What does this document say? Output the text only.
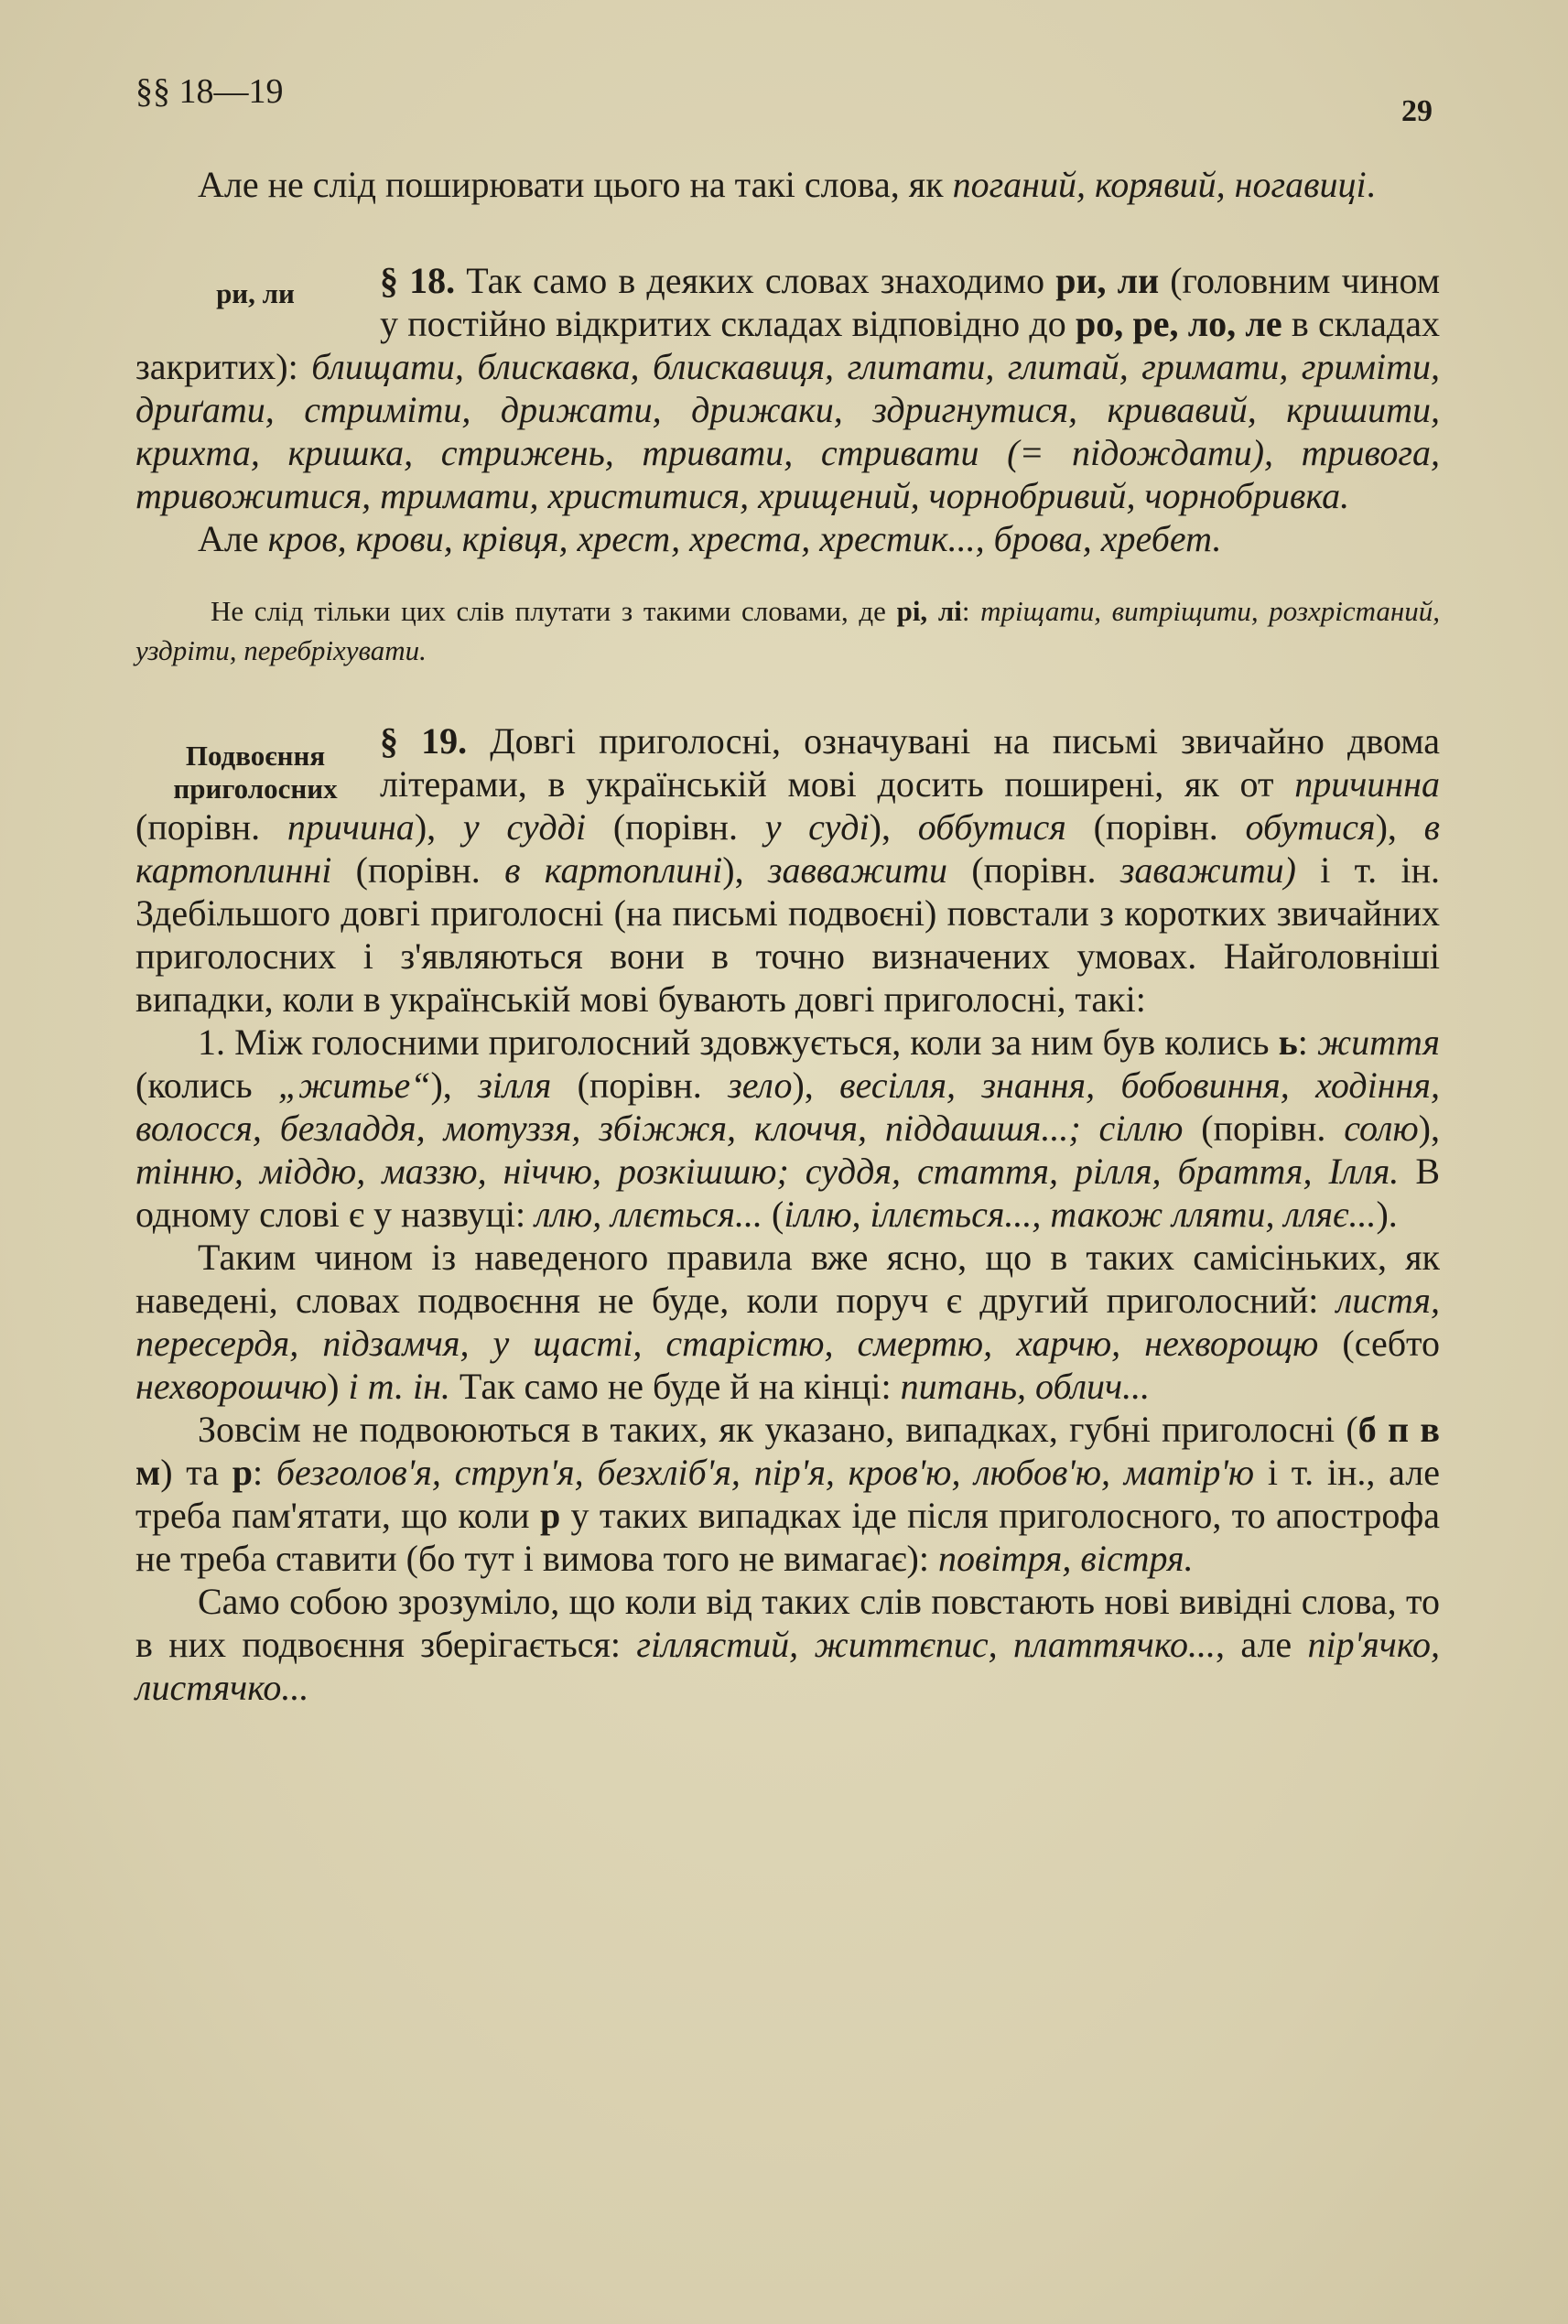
§§ 18—19
29

Але не слід поширювати цього на такі слова, як поганий, корявий, ногавиці.

ри, ли	§ 18. Так само в деяких словах знаходимо ри, ли (головним чином у постійно відкритих складах відповідно до ро, ре, ло, ле в складах закритих): блищати, блискавка, блискавиця, глитати, глитай, гримати, гриміти, дриґати, стриміти, дрижати, дрижаки, здригнутися, кривавий, кришити, крихта, кришка, стрижень, тривати, стривати (= підождати), тривога, тривожитися, тримати, христитися, хрищений, чорнобривий, чорнобривка.

Але кров, крови, крівця, хрест, хреста, хрестик..., брова, хребет.

Не слід тільки цих слів плутати з такими словами, де рі, лі: тріщати, витріщити, розхрістаний, уздріти, перебріхувати.

Подвоєння
приголосних

§ 19. Довгі приголосні, означувані на письмі звичайно двома літерами, в українській мові досить поширені, як от причинна (порівн. причина), у судді (порівн. у суді), оббутися (порівн. обутися), в картоплинні (порівн. в картоплині), завважити (порівн. заважити) і т. ін. Здебільшого довгі приголосні (на письмі подвоєні) повстали з коротких звичайних приголосних і з'являються вони в точно визначених умовах. Найголовніші випадки, коли в українській мові бувають довгі приголосні, такі:

1. Між голосними приголосний здовжується, коли за ним був колись ь: життя (колись „житье“), зілля (порівн. зело), весілля, знання, бобовиння, ходіння, волосся, безладдя, мотуззя, збіжжя, клоччя, піддашшя...; сіллю (порівн. солю), тінню, міддю, маззю, ніччю, розкішшю; суддя, стаття, рілля, браття, Ілля. В одному слові є у назвуці: ллю, ллється... (іллю, іллється..., також лляти, лляє...).

Таким чином із наведеного правила вже ясно, що в таких самісіньких, як наведені, словах подвоєння не буде, коли поруч є другий приголосний: листя, пересердя, підзамчя, у щасті, старістю, смертю, харчю, нехворощю (себто нехворошчю) і т. ін. Так само не буде й на кінці: питань, облич...

Зовсім не подвоюються в таких, як указано, випадках, губні приголосні (б п в м) та р: безголов'я, струп'я, безхліб'я, пір'я, кров'ю, любов'ю, матір'ю і т. ін., але треба пам'ятати, що коли р у таких випадках іде після приголосного, то апострофа не треба ставити (бо тут і вимова того не вимагає): повітря, вістря.

Само собою зрозуміло, що коли від таких слів повстають нові вивідні слова, то в них подвоєння зберігається: гіллястий, життєпис, платтячко..., але пір'ячко, листячко...
